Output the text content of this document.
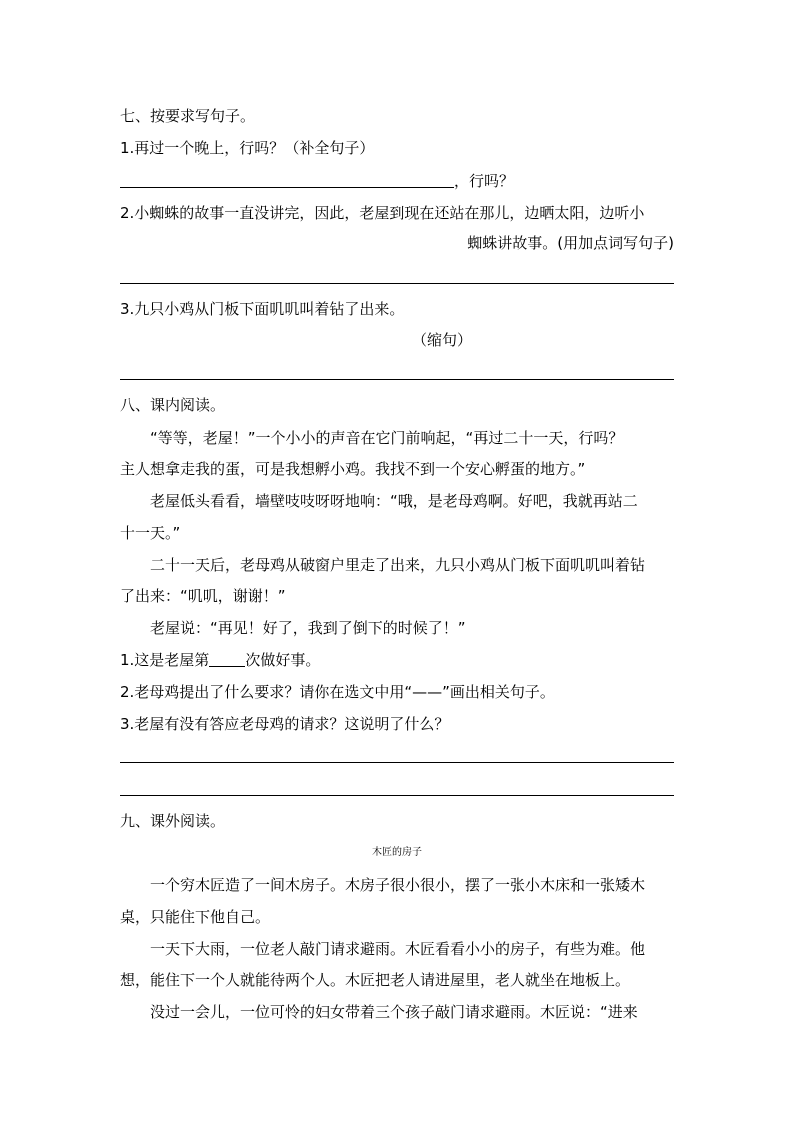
七、按要求写句子。
1.再过一个晚上，行吗？（补全句子）
，行吗？
2.小蜘蛛的故事一直没讲完，因此，老屋到现在还站在那儿，边晒太阳，边听小
蜘蛛讲故事。(用加点词写句子)
3.九只小鸡从门板下面叽叽叫着钻了出来。
（缩句）
八、课内阅读。
“等等，老屋！”一个小小的声音在它门前响起，“再过二十一天，行吗？
主人想拿走我的蛋，可是我想孵小鸡。我找不到一个安心孵蛋的地方。”
老屋低头看看，墙壁吱吱呀呀地响：“哦，是老母鸡啊。好吧，我就再站二
十一天。”
二十一天后，老母鸡从破窗户里走了出来，九只小鸡从门板下面叽叽叫着钻
了出来：“叽叽，谢谢！”
老屋说：“再见！好了，我到了倒下的时候了！”
1.这是老屋第 次做好事。
2.老母鸡提出了什么要求？请你在选文中用“——”画出相关句子。
3.老屋有没有答应老母鸡的请求？这说明了什么？
九、课外阅读。
木匠的房子
一个穷木匠造了一间木房子。木房子很小很小，摆了一张小木床和一张矮木
桌，只能住下他自己。
一天下大雨，一位老人敲门请求避雨。木匠看看小小的房子，有些为难。他
想，能住下一个人就能待两个人。木匠把老人请进屋里，老人就坐在地板上。
没过一会儿，一位可怜的妇女带着三个孩子敲门请求避雨。木匠说：“进来
